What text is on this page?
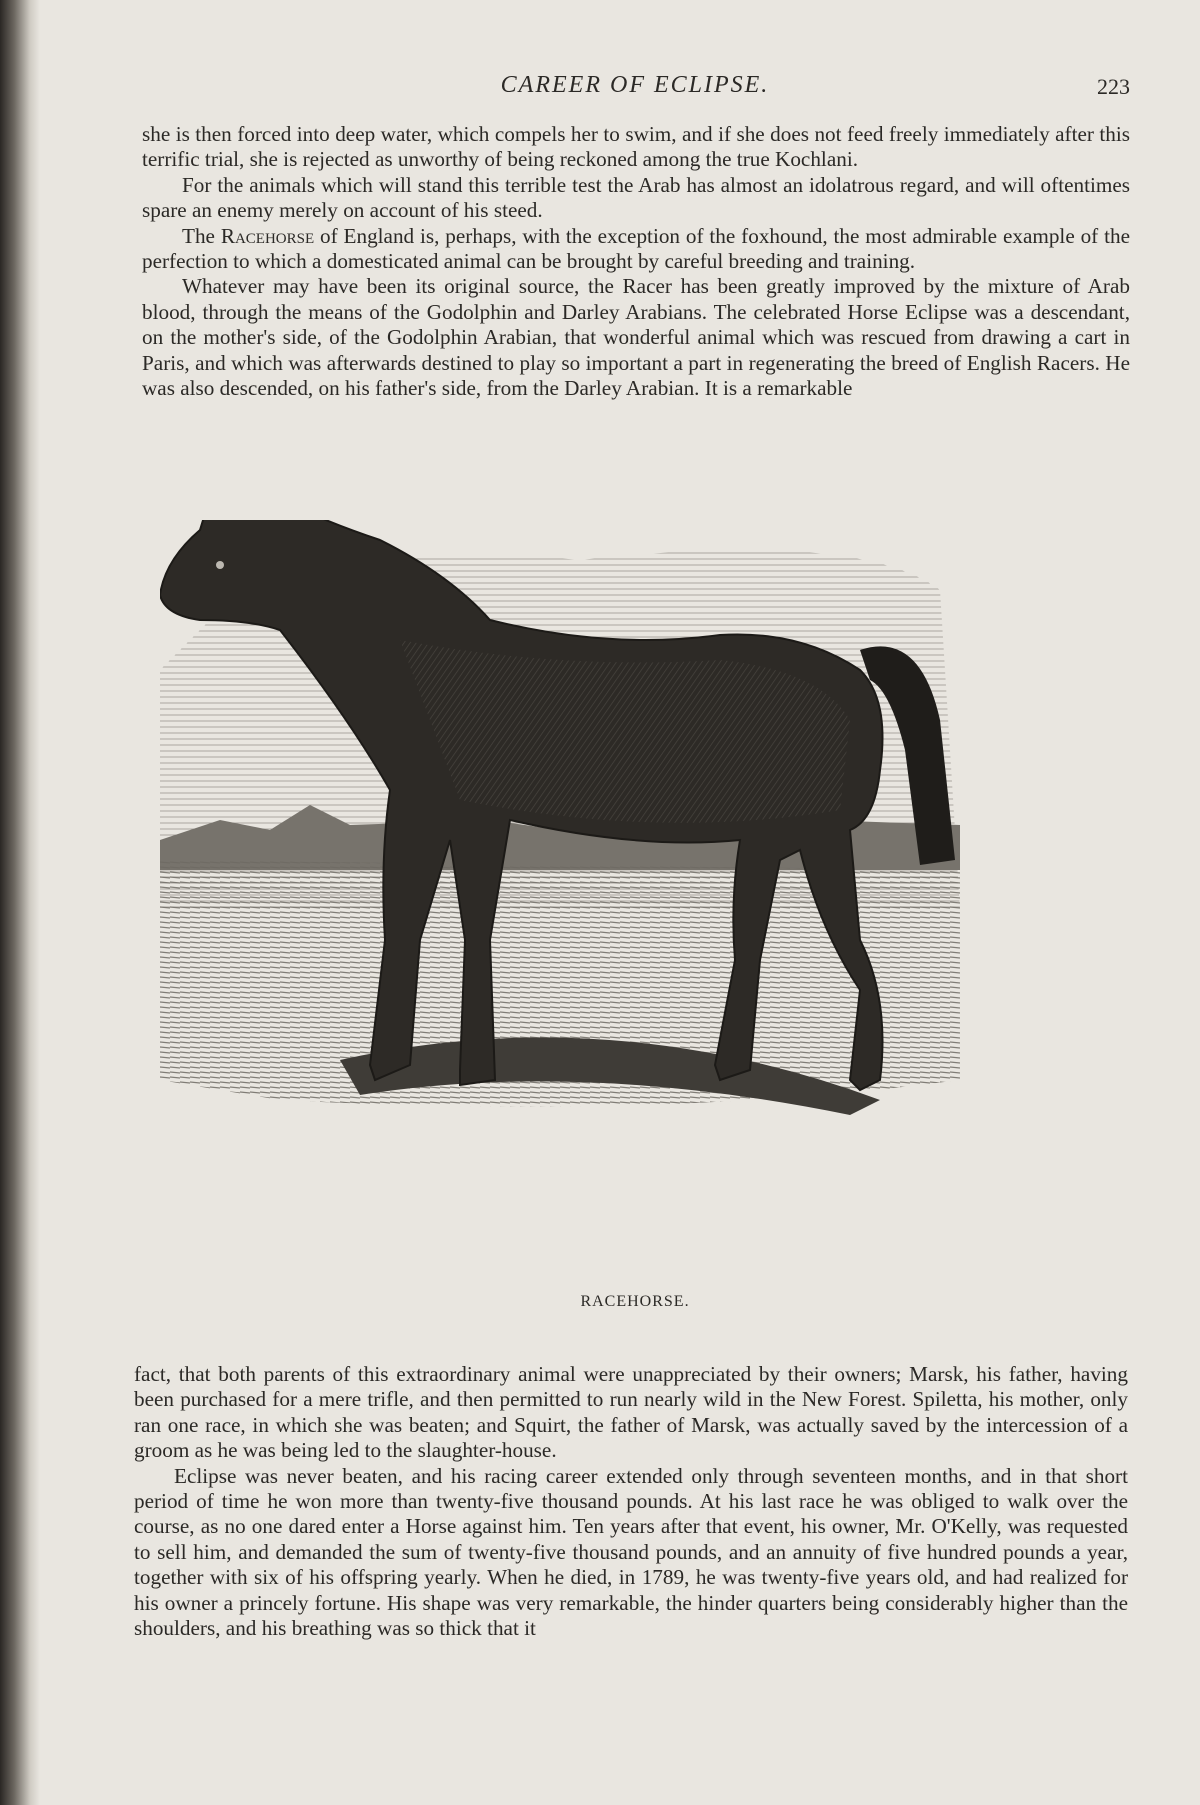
CAREER OF ECLIPSE.	223

she is then forced into deep water, which compels her to swim, and if she does not feed freely immediately after this terrific trial, she is rejected as unworthy of being reckoned among the true Kochlani.

For the animals which will stand this terrible test the Arab has almost an idolatrous regard, and will oftentimes spare an enemy merely on account of his steed.

The Racehorse of England is, perhaps, with the exception of the foxhound, the most admirable example of the perfection to which a domesticated animal can be brought by careful breeding and training.

Whatever may have been its original source, the Racer has been greatly improved by the mixture of Arab blood, through the means of the Godolphin and Darley Arabians. The celebrated Horse Eclipse was a descendant, on the mother's side, of the Godolphin Arabian, that wonderful animal which was rescued from drawing a cart in Paris, and which was afterwards destined to play so important a part in regenerating the breed of English Racers. He was also descended, on his father's side, from the Darley Arabian. It is a remarkable

RACEHORSE.

fact, that both parents of this extraordinary animal were unappreciated by their owners; Marsk, his father, having been purchased for a mere trifle, and then permitted to run nearly wild in the New Forest. Spiletta, his mother, only ran one race, in which she was beaten; and Squirt, the father of Marsk, was actually saved by the intercession of a groom as he was being led to the slaughter-house.

Eclipse was never beaten, and his racing career extended only through seventeen months, and in that short period of time he won more than twenty-five thousand pounds. At his last race he was obliged to walk over the course, as no one dared enter a Horse against him. Ten years after that event, his owner, Mr. O'Kelly, was requested to sell him, and demanded the sum of twenty-five thousand pounds, and an annuity of five hundred pounds a year, together with six of his offspring yearly. When he died, in 1789, he was twenty-five years old, and had realized for his owner a princely fortune. His shape was very remarkable, the hinder quarters being considerably higher than the shoulders, and his breathing was so thick that it
